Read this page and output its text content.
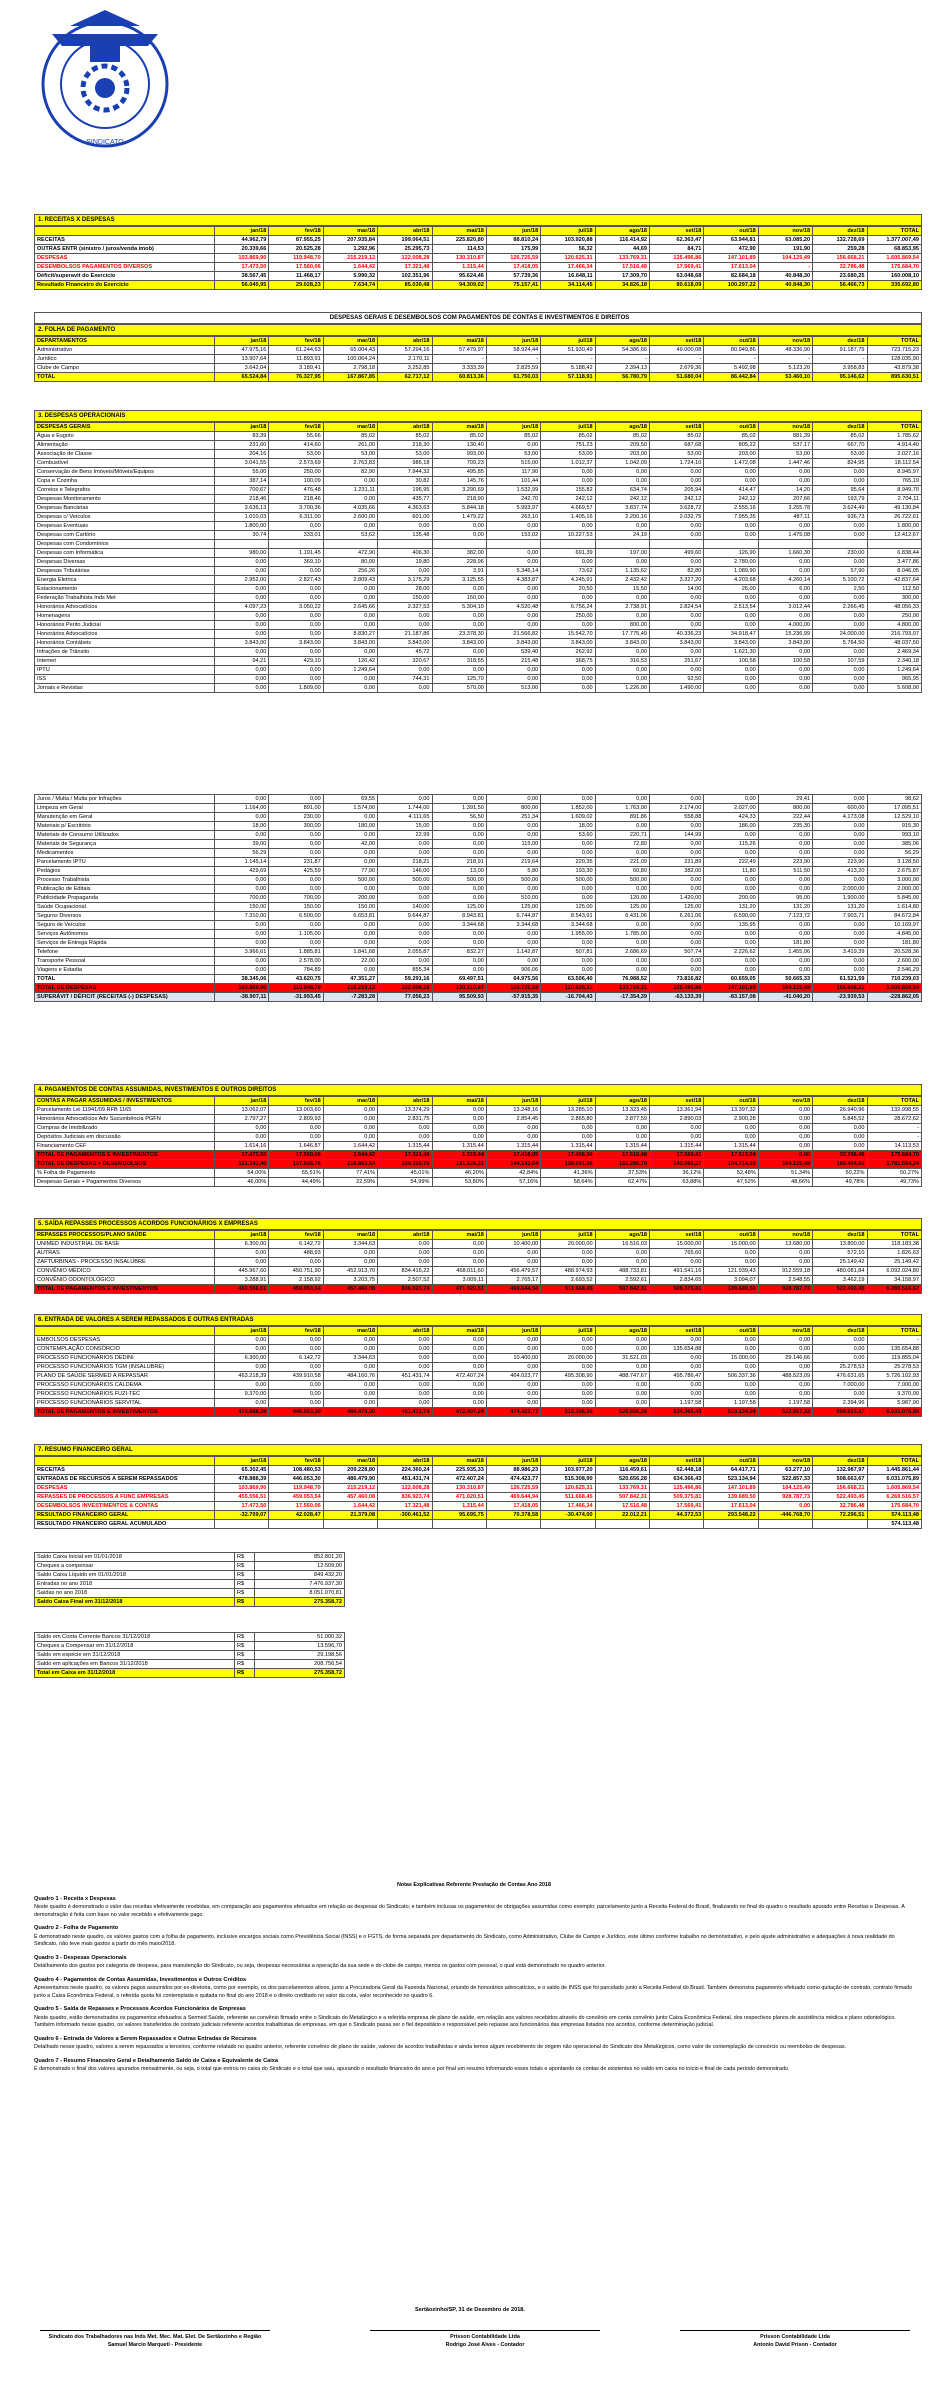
SINDICATO
1. RECEITAS X DESPESAS
	jan/18	fev/18	mar/18	abr/18	mai/18	jun/18	jul/18	ago/18	set/18	out/18	nov/18	dez/18	TOTAL
RECEITAS	44.962,79	87.955,25	207.935,84	199.064,51	225.820,80	88.810,24	103.920,88	116.414,92	62.363,47	63.944,81	63.085,20	132.728,69	1.377.007,49
OUTRAS ENTR (sinistro / juros/venda imob)	20.339,66	20.525,28	1.292,96	25.295,73	114,53	175,99	56,32	44,69	84,71	472,90	191,90	259,28	68.853,95
DESPESAS	103.869,90	119.948,70	215.219,12	122.008,28	130.310,87	126.725,59	120.625,31	133.769,31	125.496,86	147.101,89	104.125,49	156.668,21	1.605.869,54
DESEMBOLSOS PAGAMENTOS DIVERSOS	17.473,50	17.560,06	1.644,42	17.321,48	1.315,44	17.418,05	17.466,34	17.516,48	17.569,41	17.613,04	-	32.786,48	175.684,70
Déficit/superavit do Exercício	38.567,45	11.468,17	5.990,32	102.351,96	95.624,46	57.739,36	16.648,11	17.309,70	63.048,68	82.684,18	40.848,30	23.680,25	160.008,10
Resultado Financeiro do Exercício	56.040,95	29.028,23	7.634,74	85.030,48	94.309,02	75.157,41	34.114,45	34.826,18	80.618,09	100.297,22	40.848,30	56.466,73	335.692,80
DESPESAS GERAIS E DESEMBOLSOS COM PAGAMENTOS DE CONTAS E INVESTIMENTOS E DIREITOS
2. FOLHA DE PAGAMENTO
DEPARTAMENTOS	jan/18	fev/18	mar/18	abr/18	mai/18	jun/18	jul/18	ago/18	set/18	out/18	nov/18	dez/18	TOTAL
Administrativo	47.975,16	61.244,63	65.004,43	57.294,16	57.479,97	58.924,44	51.930,49	54.386,66	49.000,08	80.949,86	48.336,90	91.187,79	723.715,23
Jurídico	13.907,64	11.893,91	100.064,24	2.170,11	-	-	-	-	-	-	-	-	128.035,90
Clube de Campo	3.642,04	3.189,41	2.798,18	3.252,85	3.333,39	2.825,59	5.188,42	2.394,13	2.679,36	5.492,98	5.123,20	3.958,83	43.879,38
TOTAL	65.524,84	76.327,95	167.867,85	62.717,12	60.813,36	61.750,03	57.118,91	56.780,79	51.680,04	86.442,84	53.460,10	95.146,62	895.630,51
3. DESPESAS OPERACIONAIS
DESPESAS GERAIS	jan/18	fev/18	mar/18	abr/18	mai/18	jun/18	jul/18	ago/18	set/18	out/18	nov/18	dez/18	TOTAL
Água e Esgoto	83,39	55,66	85,02	85,02	85,02	85,02	85,02	85,02	85,02	85,02	881,39	85,02	1.785,62
Alimentação	231,60	414,60	261,00	218,30	130,40	0,00	751,23	209,50	687,68	805,22	537,17	667,70	4.914,40
Associação de Classe	204,16	53,00	53,00	53,00	993,00	53,00	53,00	203,00	53,00	203,00	53,00	53,00	2.027,16
Combustível	3.041,55	2.573,69	2.763,83	986,18	709,23	515,00	1.012,37	1.042,09	1.724,10	1.472,08	1.447,46	824,95	18.112,54
Conservação de Bens Imóveis/Móveis/Equipos	55,00	250,00	82,90	7.944,32	495,85	117,90	0,00	0,00	0,00	0,00	0,00	0,00	8.945,97
Copa e Cozinha	387,14	100,09	0,00	30,82	145,76	101,44	0,00	0,00	0,00	0,00	0,00	0,00	765,19
Correios e Telegrafos	700,67	476,48	1.231,11	196,95	3.290,69	1.532,99	155,82	634,74	205,94	414,47	14,20	95,64	8.949,70
Despesas Monitoramento	218,46	218,46	0,00	435,77	218,90	242,70	242,12	242,12	242,12	242,12	207,66	193,79	2.704,11
Despesas Bancárias	3.636,13	3.700,36	4.035,66	4.363,63	5.844,18	5.993,97	4.669,57	3.837,74	3.628,72	2.555,16	3.255,78	3.624,49	49.130,84
Despesas c/ Veículos	1.010,03	6.311,00	2.600,00	601,00	1.479,22	263,10	1.405,16	2.200,16	2.032,75	7.955,35	487,11	936,73	26.722,61
Despesas Eventuais	1.800,00	0,00	0,00	0,00	0,00	0,00	0,00	0,00	0,00	0,00	0,00	0,00	1.800,00
Despesas com Cartório	30,74	333,01	53,62	135,48	0,00	153,02	10.227,53	24,19	0,00	0,00	1.475,08	0,00	12.412,67
Despesas com Condomínios													
Despesas com Informática	980,00	1.191,45	472,90	406,30	382,00	0,00	691,39	197,00	499,60	126,90	1.660,30	230,00	6.838,44
Despesas Diversas	0,00	369,10	80,00	19,80	228,96	0,00	0,00	0,00	0,00	2.780,00	0,00	0,00	3.477,86
Despesas Tributárias	0,00	0,00	256,26	0,00	3,91	5.346,14	73,62	1.135,62	82,80	1.089,90	0,00	57,90	8.046,05
Energia Eletrica	2.952,00	2.827,43	2.809,43	3.175,29	3.125,55	4.383,87	4.245,91	2.432,42	3.327,20	4.203,68	4.260,14	5.100,72	42.837,64
Estacionamento	0,00	0,00	0,00	28,00	0,00	0,00	20,50	15,50	14,00	26,00	6,00	2,50	112,50
Federação Trabalhista Inds Met	0,00	0,00	0,00	150,00	150,00	0,00	0,00	0,00	0,00	0,00	0,00	0,00	300,00
Honorários Advocatícios	4.097,23	3.050,22	2.645,66	2.327,53	5.304,10	4.520,48	6.756,24	2.738,91	2.824,54	2.513,54	3.012,44	2.266,45	48.056,33
Homenagens	0,00	0,00	0,00	0,00	0,00	0,00	250,00	0,00	0,00	0,00	0,00	0,00	250,00
Honorários Perito Judicial	0,00	0,00	0,00	0,00	0,00	0,00	0,00	800,00	0,00	0,00	4.000,00	0,00	4.800,00
Honorários Advocatícios	0,00	0,00	8.830,27	21.187,86	23.378,30	21.566,82	15.542,70	17.775,49	40.336,23	34.918,47	15.236,99	24.000,00	216.793,07
Honorários Contábeis	3.843,00	3.843,00	3.843,00	3.843,00	3.843,00	3.843,00	3.843,00	3.843,00	3.843,00	3.843,00	3.843,00	5.764,50	48.037,50
Infrações de Trânsito	0,00	0,00	0,00	45,72	0,00	539,40	262,92	0,00	0,00	1.621,30	0,00	0,00	2.469,34
Internet	94,21	429,10	120,42	320,67	318,55	215,48	368,75	316,53	251,67	100,58	100,58	107,59	2.340,18
IPTU	0,00	0,00	1.249,64	0,00	0,00	0,00	0,00	0,00	0,00	0,00	0,00	0,00	1.249,64
ISS	0,00	0,00	0,00	744,31	125,70	0,00	0,00	0,00	92,50	0,00	0,00	0,00	965,95
Jornais e Revistas	0,00	1.809,00	0,00	0,00	570,00	513,00	0,00	1.226,00	1.490,00	0,00	0,00	0,00	5.608,00
Juros / Multa / Multa por Infrações	0,00	0,00	69,55	0,00	0,00	0,00	0,00	0,00	0,00	0,00	29,41	0,00	98,62
Limpeza em Geral	1.164,00	891,00	1.574,00	1.744,00	1.391,50	800,00	1.852,00	1.763,00	2.174,00	2.027,00	800,00	600,00	17.095,51
Manutenção em Geral	0,00	230,00	0,00	4.111,65	56,50	251,34	1.609,02	891,86	558,88	424,33	222,44	4.173,08	12.529,10
Materiais p/ Escritório	18,00	300,00	180,00	15,00	0,00	0,00	18,00	0,00	0,00	186,00	235,30	0,00	915,30
Materiais de Consumo Utilizados	0,00	0,00	0,00	22,99	0,00	0,00	53,60	220,71	144,99	0,00	0,00	0,00	993,10
Materiais de Segurança	39,00	0,00	42,00	0,00	0,00	115,00	0,00	72,80	0,00	115,26	0,00	0,00	385,06
Medicamentos	56,29	0,00	0,00	0,00	0,00	0,00	0,00	0,00	0,00	0,00	0,00	0,00	56,29
Parcelamento IPTU	1.145,14	231,87	0,00	218,21	218,91	219,64	220,35	221,09	221,89	222,49	223,90	223,90	3.128,50
Pedágios	429,69	425,59	77,90	146,00	13,00	5,80	193,30	60,80	382,00	11,80	511,50	413,20	2.675,87
Processo Trabalhista	0,00	0,00	500,00	500,00	500,00	500,00	500,00	500,00	0,00	0,00	0,00	0,00	3.000,00
Publicação de Editais	0,00	0,00	0,00	0,00	0,00	0,00	0,00	0,00	0,00	0,00	0,00	2.000,00	2.000,00
Publicidade Propaganda	700,00	700,00	200,00	0,00	0,00	510,00	0,00	120,00	1.420,00	200,00	95,00	1.900,00	5.845,00
Saúde Ocupacional	150,00	150,00	150,00	140,00	125,00	125,00	125,00	125,00	125,00	131,20	131,20	131,20	1.614,80
Seguros Diversos	7.310,00	6.500,00	6.653,81	9.644,87	8.943,81	6.744,87	8.543,91	6.431,06	6.261,06	6.590,00	7.123,72	7.903,71	84.672,84
Seguro de Veículos	0,00	0,00	0,00	0,00	3.344,68	3.344,68	3.344,68	0,00	0,00	135,95	0,00	0,00	10.169,97
Serviços Autônomos	0,00	1.105,00	0,00	0,00	0,00	0,00	1.955,00	1.785,00	0,00	0,00	0,00	0,00	4.845,00
Serviços de Entrega Rápida	0,00	0,00	0,00	0,00	0,00	0,00	0,00	0,00	0,00	0,00	181,80	0,00	181,80
Telefone	3.966,61	1.885,81	1.841,68	2.055,87	832,27	1.142,87	507,81	2.686,69	507,74	2.226,62	1.455,06	3.419,39	20.528,36
Transporte Pessoal	0,00	2.578,00	22,00	0,00	0,00	0,00	0,00	0,00	0,00	0,00	0,00	0,00	2.600,00
Viagens e Estadia	0,00	784,89	0,00	855,34	0,00	906,06	0,00	0,00	0,00	0,00	0,00	0,00	2.546,29
TOTAL	38.345,06	43.620,75	47.351,27	59.291,16	69.497,51	64.975,56	63.506,40	76.988,52	73.816,82	60.659,05	50.665,33	61.521,59	710.239,03
TOTAL DE DESPESAS	103.869,90	119.948,70	215.219,12	122.008,28	130.310,87	126.725,59	120.625,31	133.769,31	125.496,86	147.101,89	104.125,49	156.668,21	1.605.869,54
SUPERÁVIT / DÉFICIT (RECEITAS (-) DESPESAS)	-38.907,11	-31.993,45	-7.283,28	77.056,23	95.509,93	-57.915,35	-16.704,43	-17.354,39	-63.133,39	-83.157,08	-41.040,20	-23.939,53	-228.862,05
4. PAGAMENTOS DE CONTAS ASSUMIDAS, INVESTIMENTOS E OUTROS DIREITOS
CONTAS A PAGAR ASSUMIDAS / INVESTIMENTOS	jan/18	fev/18	mar/18	abr/18	mai/18	jun/18	jul/18	ago/18	set/18	out/18	nov/18	dez/18	TOTAL
Parcelamento Lei 11941/09 RFB 1165	13.062,07	13.003,60	0,00	13.374,29	0,00	13.248,16	13.285,10	13.323,45	13.361,94	13.397,32	0,00	26.940,96	132.998,55
Honorários Advocatícios Adv Sucumbência PGFN	2.797,27	2.809,93	0,00	2.831,75	0,00	2.854,45	2.865,80	2.877,59	2.890,03	2.900,28	0,00	5.845,52	28.672,62
Compras de Imobilizado	0,00	0,00	0,00	0,00	0,00	0,00	0,00	0,00	0,00	0,00	0,00	0,00	-
Depósitos Judiciais em discussão	0,00	0,00	0,00	0,00	0,00	0,00	0,00	0,00	0,00	0,00	0,00	0,00	-
Financiamento CEF	1.614,16	1.646,87	1.644,42	1.315,44	1.315,44	1.315,44	1.315,44	1.315,44	1.315,44	1.315,44	0,00	0,00	14.113,53
TOTAL DE PAGAMENTOS E INVESTIMENTOS	17.473,50	17.560,06	1.644,42	17.321,48	1.315,44	17.418,05	17.466,34	17.516,48	17.569,41	17.613,04	0,00	32.786,48	175.684,70
TOTAL DE DESPESAS + DESEMBOLSOS	121.343,40	137.508,76	216.863,54	139.329,76	131.626,31	144.143,64	138.091,65	151.285,79	143.066,27	164.714,93	104.125,49	189.454,69	1.781.554,24
% Folha de Pagamento	54,00%	55,51%	77,41%	45,01%	46,20%	42,84%	41,36%	37,53%	36,12%	52,48%	51,34%	50,22%	50,27%
Despesas Gerais + Pagamentos Diversos	46,00%	44,49%	22,59%	54,99%	53,80%	57,16%	58,64%	62,47%	63,88%	47,52%	48,66%	49,78%	49,73%
5. SAÍDA REPASSES PROCESSOS ACORDOS FUNCIONÁRIOS X EMPRESAS
REPASSES PROCESSOS/PLANO SAÚDE	jan/18	fev/18	mar/18	abr/18	mai/18	jun/18	jul/18	ago/18	set/18	out/18	nov/18	dez/18	TOTAL
UNIMED INDUSTRIAL DE BASE	6.300,00	6.142,72	3.344,63	0,00	0,00	10.400,00	20.000,00	16.516,03	15.000,00	15.000,00	13.680,00	13.800,00	118.183,38
AUTRAS	0,00	488,93	0,00	0,00	0,00	0,00	0,00	0,00	765,60	0,00	0,00	572,10	1.826,63
ZAFTURBINAS - PROCESSO INSALUBRE	0,00	0,00	0,00	0,00	0,00	0,00	0,00	0,00	0,00	0,00	0,00	25.149,42	25.149,42
CONVÊNIO MÉDICO	445.967,60	450.751,90	452.913,70	834.416,22	468.011,60	456.479,57	488.974,93	488.733,81	491.541,16	121.939,43	912.559,18	480.081,84	6.092.024,80
CONVÊNIO ODONTOLÓGICO	3.288,91	2.158,92	3.203,75	2.507,52	3.009,11	2.765,17	2.693,52	2.592,61	2.834,65	3.094,07	2.548,55	3.462,19	34.158,97
TOTAL DE PAGAMENTOS E INVESTIMENTOS	455.556,51	459.053,54	457.460,08	836.923,74	471.020,51	469.644,94	511.668,45	507.842,31	509.375,81	139.689,50	928.787,73	522.493,45	6.289.516,57
6. ENTRADA DE VALORES A SEREM REPASSADOS E OUTRAS ENTRADAS
	jan/18	fev/18	mar/18	abr/18	mai/18	jun/18	jul/18	ago/18	set/18	out/18	nov/18	dez/18	TOTAL
EMBOLSOS DESPESAS	0,00	0,00	0,00	0,00	0,00	0,00	0,00	0,00	0,00	0,00	0,00	0,00	-
CONTEMPLAÇÃO CONSÓRCIO	0,00	0,00	0,00	0,00	0,00	0,00	0,00	0,00	135.654,88	0,00	0,00	0,00	135.654,88
PROCESSO FUNCIONÁRIOS DEDINI	6.300,00	6.142,72	3.344,63	0,00	0,00	10.400,00	20.000,00	31.521,03	0,00	15.000,00	29.146,66	0,00	119.855,04
PROCESSO FUNCIONÁRIOS TGM (INSALUBRE)	0,00	0,00	0,00	0,00	0,00	0,00	0,00	0,00	0,00	0,00	0,00	25.278,53	25.278,53
PLANO DE SAÚDE SERMED A REPASSAR	463.218,39	439.910,58	484.160,76	451.431,74	472.407,24	464.023,77	495.308,90	488.747,67	495.786,47	506.337,36	488.523,09	476.631,65	5.726.102,93
PROCESSO FUNCIONÁRIOS CALDEMA	0,00	0,00	0,00	0,00	0,00	0,00	0,00	0,00	0,00	0,00	0,00	7.000,00	7.000,00
PROCESSO FUNCIONÁRIOS FUZI-TEC	9.370,00	0,00	0,00	0,00	0,00	0,00	0,00	0,00	0,00	0,00	0,00	0,00	9.370,00
PROCESSO FUNCIONÁRIOS SERVITAL	0,00	0,00	0,00	0,00	0,00	0,00	0,00	0,00	1.197,58	1.197,58	1.197,58	2.394,96	5.987,90
TOTAL DE PAGAMENTOS E INVESTIMENTOS	478.888,39	446.053,30	486.479,90	451.431,74	472.407,24	474.423,77	515.308,90	520.656,28	634.366,43	523.134,94	522.857,33	508.663,67	6.031.075,89
7. RESUMO FINANCEIRO GERAL
	jan/18	fev/18	mar/18	abr/18	mai/18	jun/18	jul/18	ago/18	set/18	out/18	nov/18	dez/18	TOTAL
RECEITAS	65.302,45	108.480,53	209.228,80	224.360,24	225.935,33	88.986,23	103.977,20	116.459,61	62.448,18	64.417,71	63.277,10	132.987,97	1.445.861,44
ENTRADAS DE RECURSOS A SEREM REPASSADOS	478.888,39	446.053,30	486.479,90	451.431,74	472.407,24	474.423,77	515.308,90	520.656,28	634.366,43	523.134,94	522.857,33	508.663,67	6.031.075,89
DESPESAS	103.869,90	119.948,70	215.219,12	122.008,28	130.310,87	126.725,59	120.625,31	133.769,31	125.496,86	147.101,89	104.125,49	156.668,21	1.605.869,54
REPASSES DE PROCESSOS A FUNC EMPRESAS	455.556,51	459.053,54	457.460,08	836.923,74	471.020,51	469.644,94	511.668,45	507.842,31	509.375,81	139.689,50	928.787,73	522.493,45	6.269.516,57
DESEMBOLSOS INVESTIMENTOS & CONTAS	17.473,50	17.560,06	1.644,42	17.321,48	1.315,44	17.418,05	17.466,34	17.516,48	17.569,41	17.613,04	0,00	32.786,48	175.684,70
RESULTADO FINANCEIRO GERAL	-32.709,07	42.028,47	21.379,08	-300.461,52	95.695,75	70.378,58	-30.474,00	22.012,21	44.372,53	293.548,22	-446.768,70	72.296,51	574.113,48
RESULTADO FINANCEIRO GERAL ACUMULADO													574.113,48
Saldo Caixa Inicial em 01/01/2018	R$	852.801,20
Cheques a compensar	R$	12.509,00
Saldo Caixa Líquido em 01/01/2018	R$	849.432,20
Entradas no ano 2018	R$	7.476.937,30
Saídas no ano 2018	R$	8.051.070,81
Saldo Caixa Final em 31/12/2018	R$	275.358,72
Saldo em Conta Corrente Bancos 31/12/2018	R$	51.000,32
Cheques a Compensar em 31/12/2018	R$	13.596,70
Saldo em espécie em 31/12/2018	R$	29.198,56
Saldo em aplicações em Bancos 31/12/2018	R$	208.756,54
Total em Caixa em 31/12/2018	R$	275.358,72
Notas Explicativas Referente Prestação de Contas Ano 2018
Quadro 1 - Receita x Despesas
Neste quadro é demonstrado o valor das receitas efetivamente recebidas, em comparação aos pagamentos efetuados em relação as despesas do Sindicato; e também inclusas os pagamentos de obrigações assumidas como exemplo: parcelamento junto a Receita Federal do Brasil, finalizando no final do quadro o resultado apurado entre Receitas e Despesas. A demonstração é feita com base no valor recebido e efetivamente pago.
Quadro 2 - Folha de Pagamento
É demonstrado neste quadro, os valores gastos com a folha de pagamento, inclusive encargos sociais como Previdência Social (INSS) e o FGTS, de forma separada por departamento do Sindicato, como Administrativo, Clube de Campo e Jurídico, este último conforme trabalho no demonstrativo, e pelo ajuste administrativo e adequações à nova realidade do Sindicato, não teve mais gastos a partir do mês maio/2018.
Quadro 3 - Despesas Operacionais
Detalhamento dos gastos por categoria de despesa, para manutenção do Sindicato, ou seja, despesas necessárias a operação da sua sede e do clube de campo, menos os gastos com pessoal, o qual está demonstrado no quadro anterior.
Quadro 4 - Pagamentos de Contas Assumidas, Investimentos e Outros Créditos
Apresentamos neste quadro, os valores pagos assumidos por ex-diretoria, como por exemplo, os dos parcelamentos ativos, junto a Procuradoria Geral da Fazenda Nacional, oriundo de honorários advocatícios, e o saldo de INSS que foi parcelado junto a Receita Federal do Brasil. Também demonstra pagamento efetuado como quitação de contrato, contrato firmado junto a Caixa Econômica Federal, o referida quota foi contemplada e quitada no final do ano 2018 e o direito creditado no valor da cota, valor reconhecido no quadro 6.
Quadro 5 - Saída de Repasses e Processos Acordos Funcionários de Empresas
Neste quadro, estão demonstrados os pagamentos efetuados a Sermed Saúde, referente ao convênio firmado entre o Sindicato do Metalúrgico e a referida empresa de plano de saúde, em relação aos valores recebidos através do convênio em conta convênio junto Caixa Econômica Federal, dos respectivos planos de assistência médica e plano odontológico. Também informado nesse quadro, os valores transferidos de contrato judiciais referente acordos trabalhistas de empresas, em que o Sindicato passa ser o fiel depositário e responsável pelo repasse aos funcionários das empresas listados nos acordos, conforme determinação judicial.
Quadro 6 - Entrada de Valores a Serem Repassados e Outras Entradas de Recursos
Detalhado nesse quadro, valores a serem repassados a terceiros, conforme relatado no quadro anterior, referente convênio de plano de saúde, valores de acordos trabalhistas e ainda temos algum recebimento de origem não operacional do Sindicato dos Metalúrgicos, como valor de contemplação de consórcio ou reembolso de despesas.
Quadro 7 - Resumo Financeiro Geral e Detalhamento Saldo de Caixa e Equivalente de Caixa
É demonstrado o final dos valores apurados mensalmente, ou seja, o total que entrou no caixa do Sindicato e o total que saiu, apurando o resultado financeiro do ano e por final um resumo informando esses totais e apontando os contas de existentes no saldo em caixa no início e final de cada período demonstrado.
Sertãozinho/SP, 31 de Dezembro de 2018.
Sindicato dos Trabalhadores nas Inds Met. Mec. Mat. Elet. De Sertãozinho e Região
Samuel Marcio Marqueti - Presidente
Prisson Contabilidade Ltda
Rodrigo José Alves - Contador
Prisson Contabilidade Ltda
Antonio David Prison - Contador
